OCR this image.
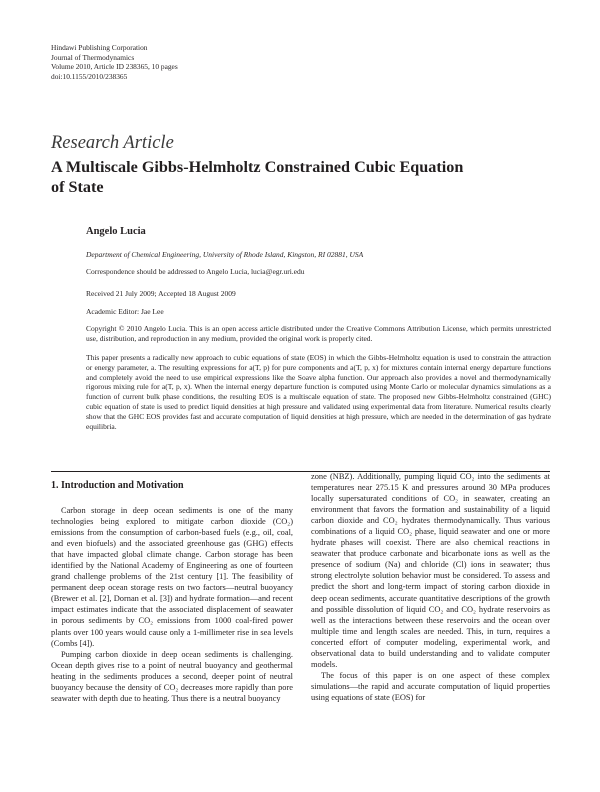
Hindawi Publishing Corporation
Journal of Thermodynamics
Volume 2010, Article ID 238365, 10 pages
doi:10.1155/2010/238365
Research Article
A Multiscale Gibbs-Helmholtz Constrained Cubic Equation of State
Angelo Lucia
Department of Chemical Engineering, University of Rhode Island, Kingston, RI 02881, USA
Correspondence should be addressed to Angelo Lucia, lucia@egr.uri.edu
Received 21 July 2009; Accepted 18 August 2009
Academic Editor: Jae Lee
Copyright © 2010 Angelo Lucia. This is an open access article distributed under the Creative Commons Attribution License, which permits unrestricted use, distribution, and reproduction in any medium, provided the original work is properly cited.
This paper presents a radically new approach to cubic equations of state (EOS) in which the Gibbs-Helmholtz equation is used to constrain the attraction or energy parameter, a. The resulting expressions for a(T, p) for pure components and a(T, p, x) for mixtures contain internal energy departure functions and completely avoid the need to use empirical expressions like the Soave alpha function. Our approach also provides a novel and thermodynamically rigorous mixing rule for a(T, p, x). When the internal energy departure function is computed using Monte Carlo or molecular dynamics simulations as a function of current bulk phase conditions, the resulting EOS is a multiscale equation of state. The proposed new Gibbs-Helmholtz constrained (GHC) cubic equation of state is used to predict liquid densities at high pressure and validated using experimental data from literature. Numerical results clearly show that the GHC EOS provides fast and accurate computation of liquid densities at high pressure, which are needed in the determination of gas hydrate equilibria.
1. Introduction and Motivation

Carbon storage in deep ocean sediments is one of the many technologies being explored to mitigate carbon dioxide (CO₂) emissions from the consumption of carbon-based fuels (e.g., oil, coal, and even biofuels) and the associated greenhouse gas (GHG) effects that have impacted global climate change. Carbon storage has been identified by the National Academy of Engineering as one of fourteen grand challenge problems of the 21st century [1]. The feasibility of permanent deep ocean storage rests on two factors—neutral buoyancy (Brewer et al. [2], Dornan et al. [3]) and hydrate formation—and recent impact estimates indicate that the associated displacement of seawater in porous sediments by CO₂ emissions from 1000 coal-fired power plants over 100 years would cause only a 1-millimeter rise in sea levels (Combs [4]).

Pumping carbon dioxide in deep ocean sediments is challenging. Ocean depth gives rise to a point of neutral buoyancy and geothermal heating in the sediments produces a second, deeper point of neutral buoyancy because the density of CO₂ decreases more rapidly than pore seawater with depth due to heating. Thus there is a neutral buoyancy

zone (NBZ). Additionally, pumping liquid CO₂ into the sediments at temperatures near 275.15 K and pressures around 30 MPa produces locally supersaturated conditions of CO₂ in seawater, creating an environment that favors the formation and sustainability of a liquid carbon dioxide and CO₂ hydrates thermodynamically. Thus various combinations of a liquid CO₂ phase, liquid seawater and one or more hydrate phases will coexist. There are also chemical reactions in seawater that produce carbonate and bicarbonate ions as well as the presence of sodium (Na) and chloride (Cl) ions in seawater; thus strong electrolyte solution behavior must be considered. To assess and predict the short and long-term impact of storing carbon dioxide in deep ocean sediments, accurate quantitative descriptions of the growth and possible dissolution of liquid CO₂ and CO₂ hydrate reservoirs as well as the interactions between these reservoirs and the ocean over multiple time and length scales are needed. This, in turn, requires a concerted effort of computer modeling, experimental work, and observational data to build understanding and to validate computer models.

The focus of this paper is on one aspect of these complex simulations—the rapid and accurate computation of liquid properties using equations of state (EOS) for
